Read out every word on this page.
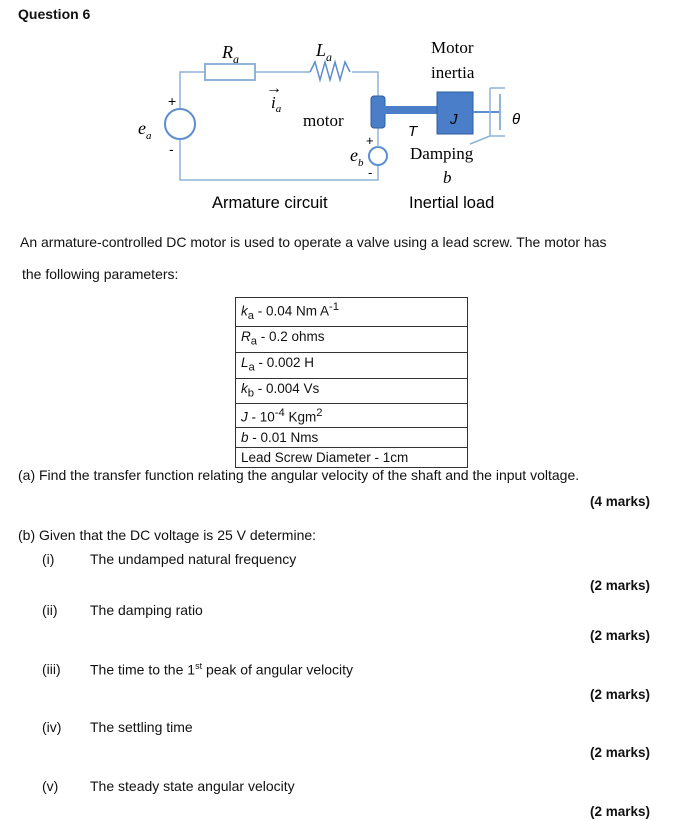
Question 6
$R_a$	$L_a$	Motor
inertia
→
$i_a$
motor
$e_a$
+
-	$e_b$
+
-
T
J	θ
Damping
b
Armature circuit	Inertial load
An armature-controlled DC motor is used to operate a valve using a lead screw. The motor has
the following parameters:
$k_a - 0.04$ Nm $A^{-1}$
$R_a - 0.2$ ohms
$L_a - 0.002$ H
$k_b - 0.004$ Vs
J - $10^{-4}$ Kgm$^2$
b - 0.01 Nms
Lead Screw Diameter - 1cm
(a) Find the transfer function relating the angular velocity of the shaft and the input voltage.
(4 marks)
(b) Given that the DC voltage is 25 V determine:
(i)	The undamped natural frequency
(2 marks)
(ii) The damping ratio
(2 marks)
(iii) The time to the 1st peak of angular velocity
(2 marks)
(iv) The settling time
(2 marks)
(v) The steady state angular velocity
(2 marks)
